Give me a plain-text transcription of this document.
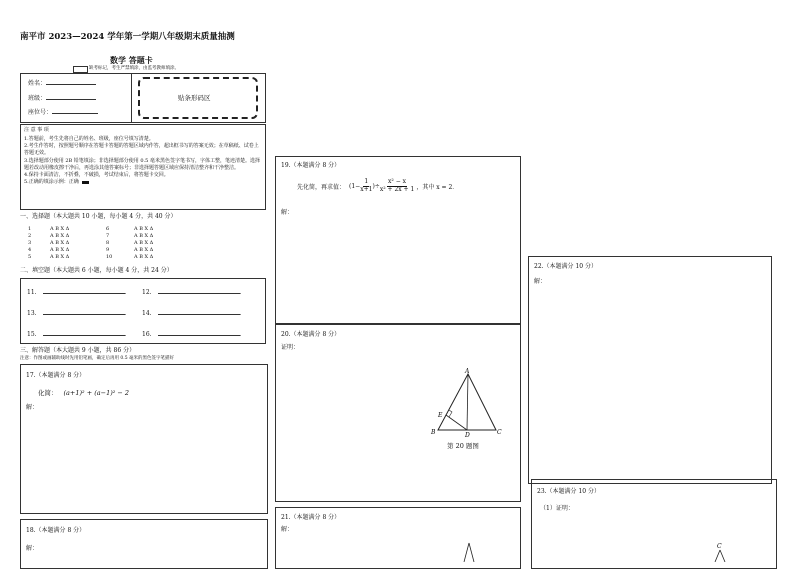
南平市 2023—2024 学年第一学期八年级期末质量抽测
数学 答题卡
缺考标记，考生严禁填涂，由监考教师填涂。
姓名：
班级：
座位号：
贴条形码区
注 意 事 项
1.答题前，考生先将自己的姓名、班级，座位号填写清楚。
2.考生作答时，按照题号顺序在答题卡答题的答题区域内作答，超出框书写的答案无效；在草稿纸、试卷上答题无效。
3.选择题部分使用 2B 铅笔填涂；非选择题部分使用 0.5 毫米黑色签字笔书写，字体工整，笔迹清楚。选择题若改动用橡皮擦干净后，再选涂其他答案标号；非选择题答题区域应保持清洁整齐和干净整洁。
4.保持卡面清洁，不折叠，不破损，考试结束后，将答题卡交回。
5.正确的填涂示例：正确
一、选择题（本大题共 10 小题，每小题 4 分，共 40 分）
1	A B X Δ
2	A B X Δ
3	A B X Δ
4	A B X Δ
5	A B X Δ
6	A B X Δ
7	A B X Δ
8	A B X Δ
9	A B X Δ
10	A B X Δ
二、填空题（本大题共 6 小题，每小题 4 分，共 24 分）
11.	.	12.	.
13.	.	14.	.
15.	.	16.	.
三、解答题（本大题共 9 小题，共 86 分）
注意：作图或画辅助线时先用铅笔画，确定后再用 0.5 毫米的黑色签字笔描好
17.（本题满分 8 分）
化简： (a+1)² + (a−1)² − 2
解：
18.（本题满分 8 分）
解：
19.（本题满分 8 分）
先化简，再求值： ($1- \frac{1}{x+1}$ )÷ $\frac{\text{x² − x}}{\text{x² + 2x + 1}}$ ，其中 x = 2．
解：
20.（本题满分 8 分）
证明：
A
B	C
D
E
第 20 题图
21.（本题满分 8 分）
解：
22.（本题满分 10 分）
解：
23.（本题满分 10 分）
（1）证明：
C
